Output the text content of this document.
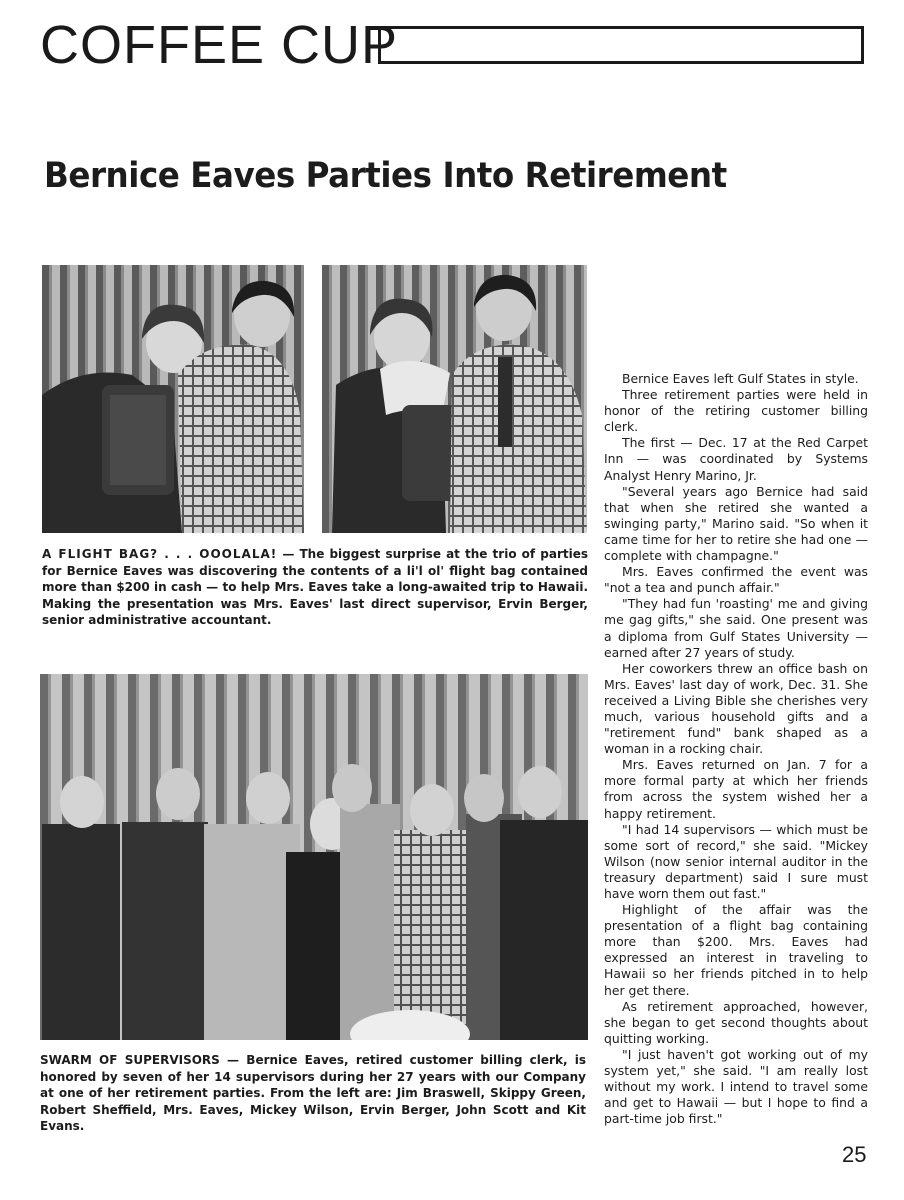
COFFEE CUP
Bernice Eaves Parties Into Retirement

A FLIGHT BAG? . . . OOOLALA! — The biggest surprise at the trio of parties for Bernice Eaves was discovering the contents of a li'l ol' flight bag contained more than $200 in cash — to help Mrs. Eaves take a long-awaited trip to Hawaii. Making the presentation was Mrs. Eaves' last direct supervisor, Ervin Berger, senior administrative accountant.

SWARM OF SUPERVISORS — Bernice Eaves, retired customer billing clerk, is honored by seven of her 14 supervisors during her 27 years with our Company at one of her retirement parties. From the left are: Jim Braswell, Skippy Green, Robert Sheffield, Mrs. Eaves, Mickey Wilson, Ervin Berger, John Scott and Kit Evans.

Bernice Eaves left Gulf States in style.

Three retirement parties were held in honor of the retiring customer billing clerk.

The first — Dec. 17 at the Red Carpet Inn — was coordinated by Systems Analyst Henry Marino, Jr.

"Several years ago Bernice had said that when she retired she wanted a swinging party," Marino said. "So when it came time for her to retire she had one — complete with champagne."

Mrs. Eaves confirmed the event was "not a tea and punch affair."

"They had fun 'roasting' me and giving me gag gifts," she said. One present was a diploma from Gulf States University — earned after 27 years of study.

Her coworkers threw an office bash on Mrs. Eaves' last day of work, Dec. 31. She received a Living Bible she cherishes very much, various household gifts and a "retirement fund" bank shaped as a woman in a rocking chair.

Mrs. Eaves returned on Jan. 7 for a more formal party at which her friends from across the system wished her a happy retirement.

"I had 14 supervisors — which must be some sort of record," she said. "Mickey Wilson (now senior internal auditor in the treasury department) said I sure must have worn them out fast."

Highlight of the affair was the presentation of a flight bag containing more than $200. Mrs. Eaves had expressed an interest in traveling to Hawaii so her friends pitched in to help her get there.

As retirement approached, however, she began to get second thoughts about quitting working.

"I just haven't got working out of my system yet," she said. "I am really lost without my work. I intend to travel some and get to Hawaii — but I hope to find a part-time job first."

25
